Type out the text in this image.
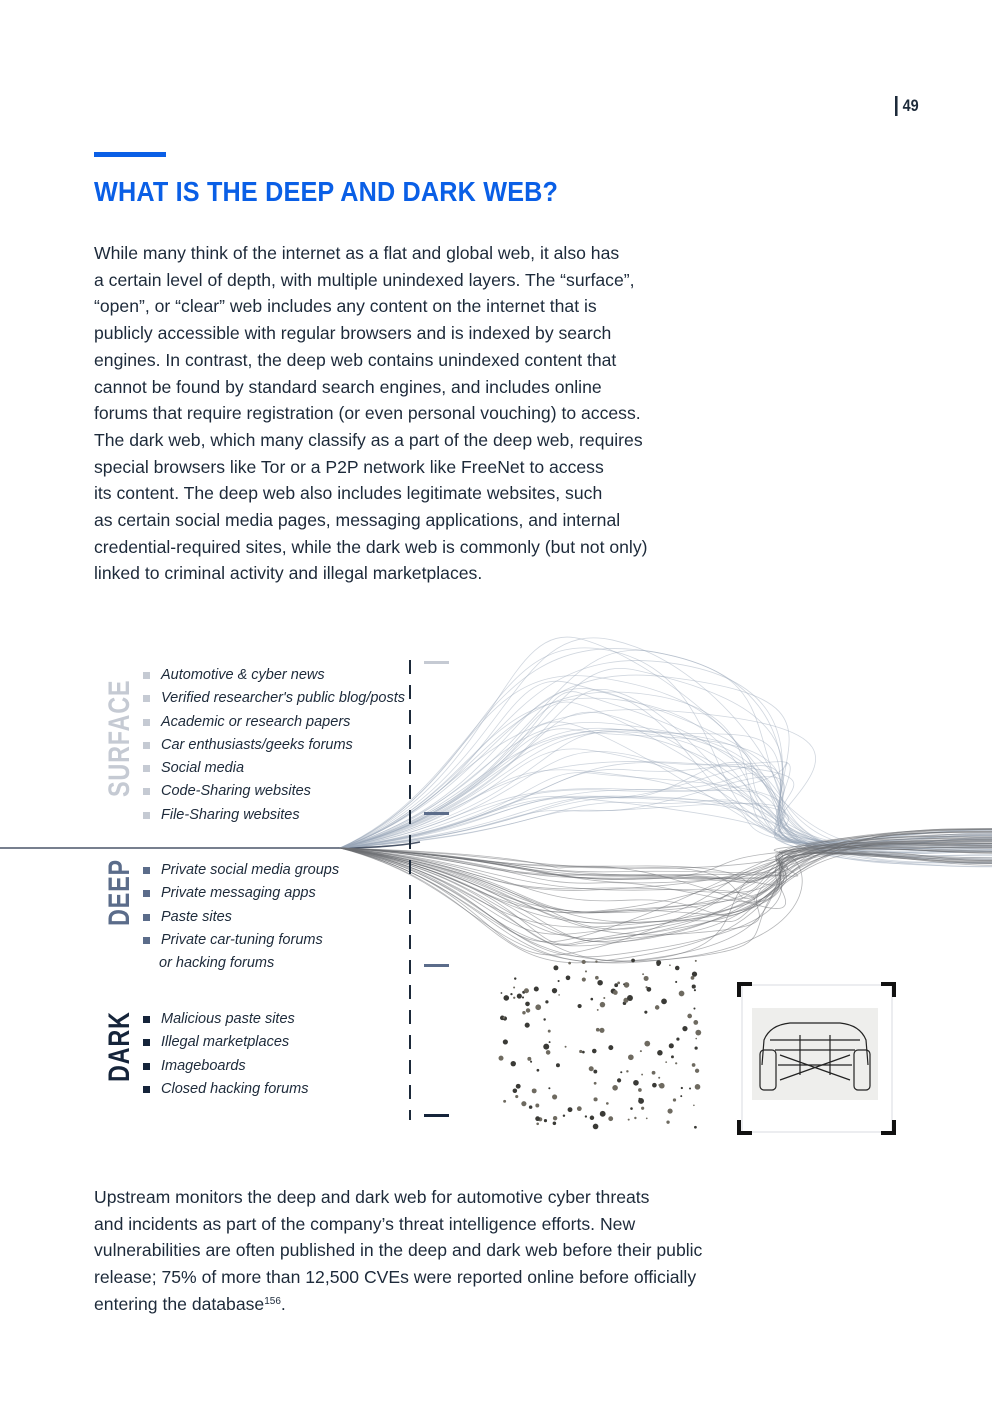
49
WHAT IS THE DEEP AND DARK WEB?
While many think of the internet as a flat and global web, it also has
a certain level of depth, with multiple unindexed layers. The “surface”,
“open”, or “clear” web includes any content on the internet that is
publicly accessible with regular browsers and is indexed by search
engines. In contrast, the deep web contains unindexed content that
cannot be found by standard search engines, and includes online
forums that require registration (or even personal vouching) to access.
The dark web, which many classify as a part of the deep web, requires
special browsers like Tor or a P2P network like FreeNet to access
its content. The deep web also includes legitimate websites, such
as certain social media pages, messaging applications, and internal
credential-required sites, while the dark web is commonly (but not only)
linked to criminal activity and illegal marketplaces.
SURFACE
DEEP
DARK
Automotive & cyber news
Verified researcher's public blog/posts
Academic or research papers
Car enthusiasts/geeks forums
Social media
Code-Sharing websites
File-Sharing websites
Private social media groups
Private messaging apps
Paste sites
Private car-tuning forums
or hacking forums
Malicious paste sites
Illegal marketplaces
Imageboards
Closed hacking forums
Upstream monitors the deep and dark web for automotive cyber threats
and incidents as part of the company’s threat intelligence efforts. New
vulnerabilities are often published in the deep and dark web before their public
release; 75% of more than 12,500 CVEs were reported online before officially
entering the database$^{156}$.
